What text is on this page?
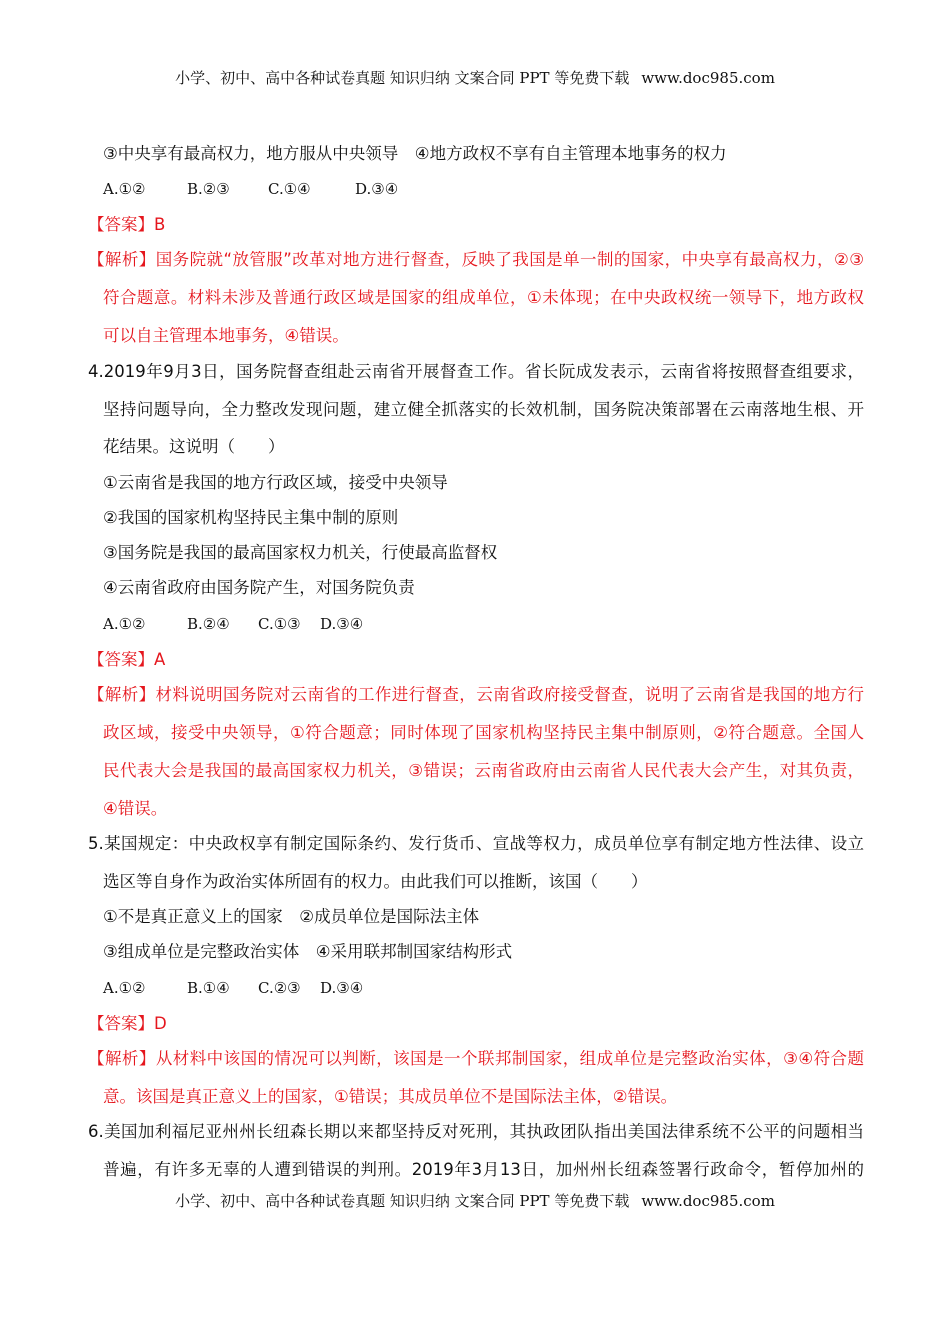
小学、初中、高中各种试卷真题 知识归纳 文案合同 PPT 等免费下载 www.doc985.com
③中央享有最高权力，地方服从中央领导　④地方政权不享有自主管理本地事务的权力
A.①②	B.②③	C.①④	D.③④
【答案】B
【解析】国务院就“放管服”改革对地方进行督查，反映了我国是单一制的国家，中央享有最高权力，②③
符合题意。材料未涉及普通行政区域是国家的组成单位，①未体现；在中央政权统一领导下，地方政权
可以自主管理本地事务，④错误。
4.2019年9月3日，国务院督查组赴云南省开展督查工作。省长阮成发表示，云南省将按照督查组要求，
坚持问题导向，全力整改发现问题，建立健全抓落实的长效机制，国务院决策部署在云南落地生根、开
花结果。这说明（　　）
①云南省是我国的地方行政区域，接受中央领导
②我国的国家机构坚持民主集中制的原则
③国务院是我国的最高国家权力机关，行使最高监督权
④云南省政府由国务院产生，对国务院负责
A.①②	B.②④ C.①③ D.③④
【答案】A
【解析】材料说明国务院对云南省的工作进行督查，云南省政府接受督查，说明了云南省是我国的地方行
政区域，接受中央领导，①符合题意；同时体现了国家机构坚持民主集中制原则，②符合题意。全国人
民代表大会是我国的最高国家权力机关，③错误；云南省政府由云南省人民代表大会产生，对其负责，
④错误。
5.某国规定：中央政权享有制定国际条约、发行货币、宣战等权力，成员单位享有制定地方性法律、设立
选区等自身作为政治实体所固有的权力。由此我们可以推断，该国（　　）
①不是真正意义上的国家　②成员单位是国际法主体
③组成单位是完整政治实体　④采用联邦制国家结构形式
A.①②	B.①④ C.②③ D.③④
【答案】D
【解析】从材料中该国的情况可以判断，该国是一个联邦制国家，组成单位是完整政治实体，③④符合题
意。该国是真正意义上的国家，①错误；其成员单位不是国际法主体，②错误。
6.美国加利福尼亚州州长纽森长期以来都坚持反对死刑，其执政团队指出美国法律系统不公平的问题相当
普遍，有许多无辜的人遭到错误的判刑。2019年3月13日，加州州长纽森签署行政命令，暂停加州的
小学、初中、高中各种试卷真题 知识归纳 文案合同 PPT 等免费下载 www.doc985.com
